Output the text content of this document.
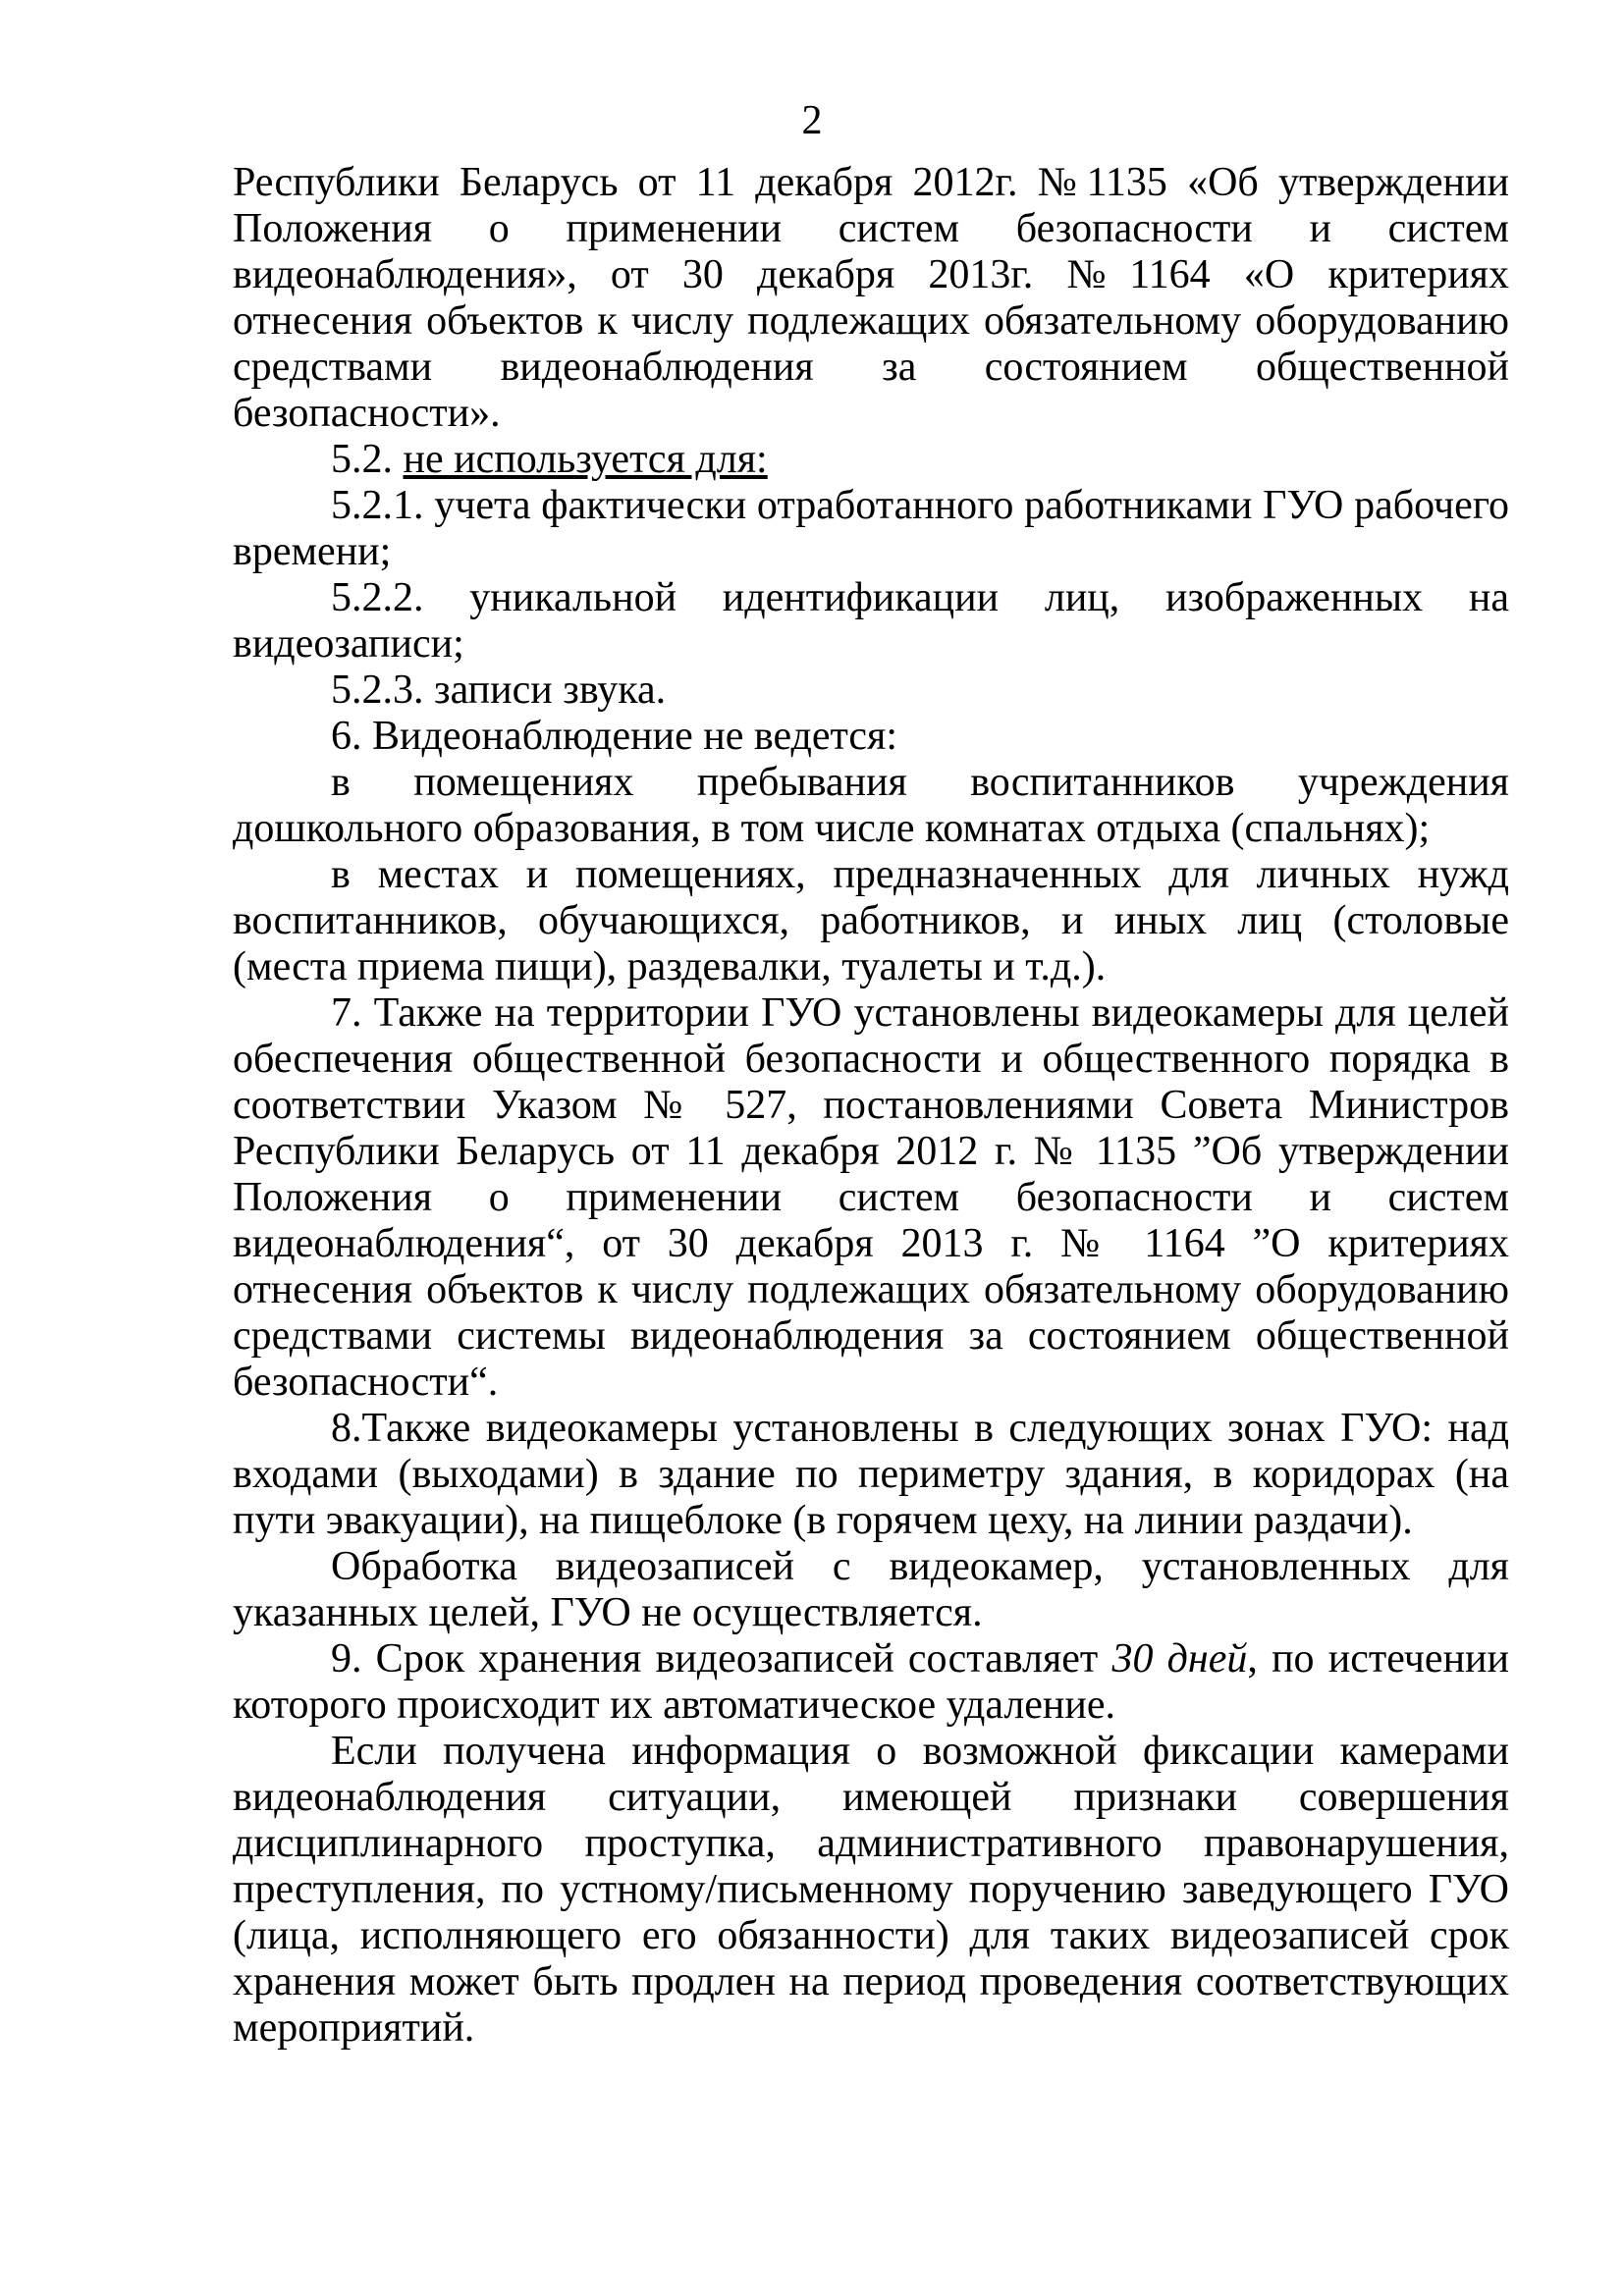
2

Республики Беларусь от 11 декабря 2012г. №1135 «Об утверждении Положения о применении систем безопасности и систем видеонаблюдения», от 30 декабря 2013г. №1164 «О критериях отнесения объектов к числу подлежащих обязательному оборудованию средствами видеонаблюдения за состоянием общественной безопасности».

5.2. не используется для:

5.2.1. учета фактически отработанного работниками ГУО рабочего времени;

5.2.2. уникальной идентификации лиц, изображенных на видеозаписи;

5.2.3. записи звука.

6. Видеонаблюдение не ведется:

в помещениях пребывания воспитанников учреждения дошкольного образования, в том числе комнатах отдыха (спальнях);

в местах и помещениях, предназначенных для личных нужд воспитанников, обучающихся, работников, и иных лиц (столовые (места приема пищи), раздевалки, туалеты и т.д.).

7. Также на территории ГУО установлены видеокамеры для целей обеспечения общественной безопасности и общественного порядка в соответствии Указом № 527, постановлениями Совета Министров Республики Беларусь от 11 декабря 2012 г. № 1135 ”Об утверждении Положения о применении систем безопасности и систем видеонаблюдения“, от 30 декабря 2013 г. № 1164 ”О критериях отнесения объектов к числу подлежащих обязательному оборудованию средствами системы видеонаблюдения за состоянием общественной безопасности“.

8.Также видеокамеры установлены в следующих зонах ГУО: над входами (выходами) в здание по периметру здания, в коридорах (на пути эвакуации), на пищеблоке (в горячем цеху, на линии раздачи).

Обработка видеозаписей с видеокамер, установленных для указанных целей, ГУО не осуществляется.

9. Срок хранения видеозаписей составляет 30 дней, по истечении которого происходит их автоматическое удаление.

Если получена информация о возможной фиксации камерами видеонаблюдения ситуации, имеющей признаки совершения дисциплинарного проступка, административного правонарушения, преступления, по устному/письменному поручению заведующего ГУО (лица, исполняющего его обязанности) для таких видеозаписей срок хранения может быть продлен на период проведения соответствующих мероприятий.
